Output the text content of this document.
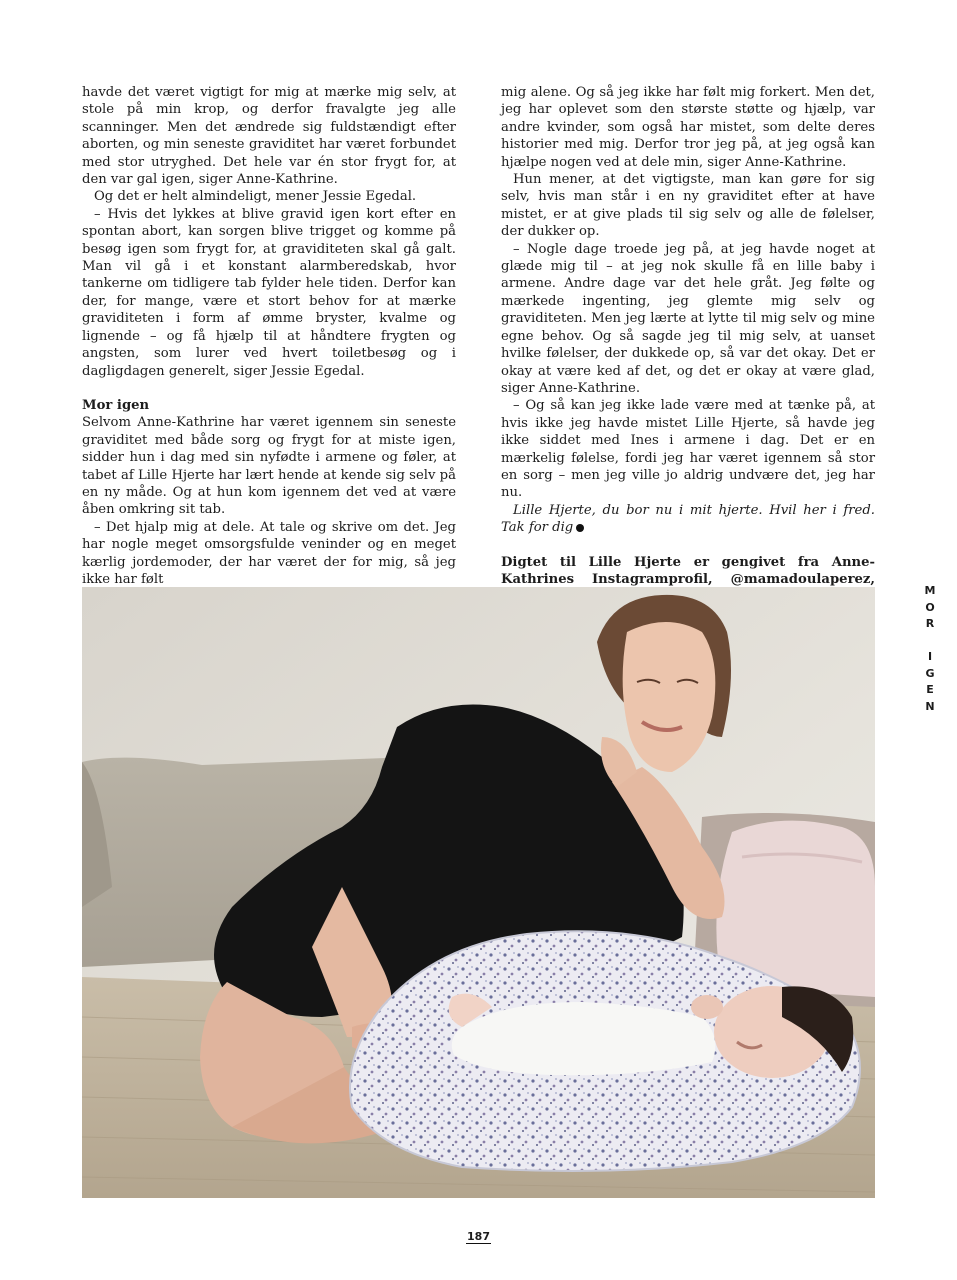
havde det været vigtigt for mig at mærke mig selv, at stole på min krop, og derfor fravalgte jeg alle scanninger. Men det ændrede sig fuldstændigt efter aborten, og min seneste graviditet har været forbundet med stor utryghed. Det hele var én stor frygt for, at den var gal igen, siger Anne-Kathrine.

Og det er helt almindeligt, mener Jessie Egedal.

– Hvis det lykkes at blive gravid igen kort efter en spontan abort, kan sorgen blive trigget og komme på besøg igen som frygt for, at graviditeten skal gå galt. Man vil gå i et konstant alarmberedskab, hvor tankerne om tidligere tab fylder hele tiden. Derfor kan der, for mange, være et stort behov for at mærke graviditeten i form af ømme bryster, kvalme og lignende – og få hjælp til at håndtere frygten og angsten, som lurer ved hvert toiletbesøg og i dagligdagen generelt, siger Jessie Egedal.

Mor igen

Selvom Anne-Kathrine har været igennem sin seneste graviditet med både sorg og frygt for at miste igen, sidder hun i dag med sin nyfødte i armene og føler, at tabet af Lille Hjerte har lært hende at kende sig selv på en ny måde. Og at hun kom igennem det ved at være åben omkring sit tab.

– Det hjalp mig at dele. At tale og skrive om det. Jeg har nogle meget omsorgsfulde veninder og en meget kærlig jordemoder, der har været der for mig, så jeg ikke har følt

mig alene. Og så jeg ikke har følt mig forkert. Men det, jeg har oplevet som den største støtte og hjælp, var andre kvinder, som også har mistet, som delte deres historier med mig. Derfor tror jeg på, at jeg også kan hjælpe nogen ved at dele min, siger Anne-Kathrine.

Hun mener, at det vigtigste, man kan gøre for sig selv, hvis man står i en ny graviditet efter at have mistet, er at give plads til sig selv og alle de følelser, der dukker op.

– Nogle dage troede jeg på, at jeg havde noget at glæde mig til – at jeg nok skulle få en lille baby i armene. Andre dage var det hele gråt. Jeg følte og mærkede ingenting, jeg glemte mig selv og graviditeten. Men jeg lærte at lytte til mig selv og mine egne behov. Og så sagde jeg til mig selv, at uanset hvilke følelser, der dukkede op, så var det okay. Det er okay at være ked af det, og det er okay at være glad, siger Anne-Kathrine.

– Og så kan jeg ikke lade være med at tænke på, at hvis ikke jeg havde mistet Lille Hjerte, så havde jeg ikke siddet med Ines i armene i dag. Det er en mærkelig følelse, fordi jeg har været igennem så stor en sorg – men jeg ville jo aldrig undvære det, jeg har nu.

Lille Hjerte, du bor nu i mit hjerte. Hvil her i fred. Tak for dig

Digtet til Lille Hjerte er gengivet fra Anne-Kathrines Instagramprofil, @mamadoulaperez,

M
O
R
I
G
E
N
187
